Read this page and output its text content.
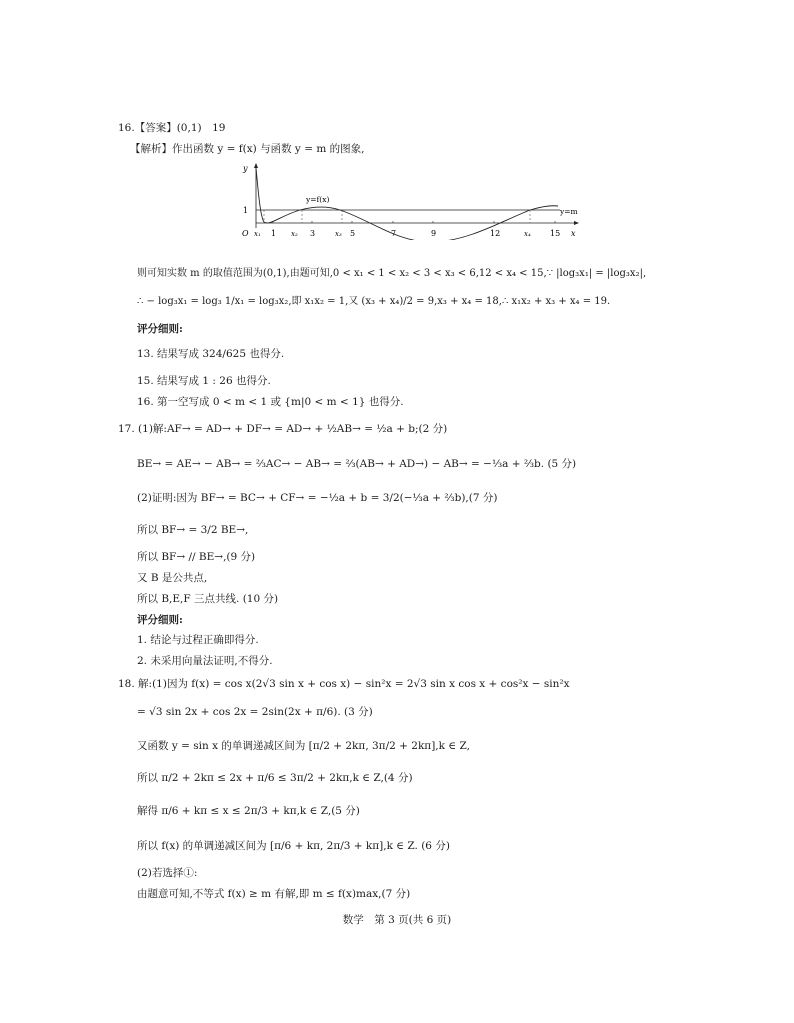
16.【答案】(0,1)　19
【解析】作出函数 y = f(x) 与函数 y = m 的图象,
y
1
O
y=f(x)
y=m
x
x₁ 1 x₂ 3	x₃ 5	7	9	12	x₄ 15
则可知实数 m 的取值范围为(0,1),由题可知,0 < x₁ < 1 < x₂ < 3 < x₃ < 6,12 < x₄ < 15,∵ |log₃x₁| = |log₃x₂|,
∴ − log₃x₁ = log₃ 1/x₁ = log₃x₂,即 x₁x₂ = 1,又 (x₃ + x₄)/2 = 9,x₃ + x₄ = 18,∴ x₁x₂ + x₃ + x₄ = 19.
评分细则:
13. 结果写成 324/625 也得分.
15. 结果写成 1 : 26 也得分.
16. 第一空写成 0 < m < 1 或 {m|0 < m < 1} 也得分.
17. (1)解:AF→ = AD→ + DF→ = AD→ + ½AB→ = ½a + b;(2 分)
BE→ = AE→ − AB→ = ⅔AC→ − AB→ = ⅔(AB→ + AD→) − AB→ = −⅓a + ⅔b. (5 分)
(2)证明:因为 BF→ = BC→ + CF→ = −½a + b = 3/2(−⅓a + ⅔b),(7 分)
所以 BF→ = 3/2 BE→,
所以 BF→ // BE→,(9 分)
又 B 是公共点,
所以 B,E,F 三点共线. (10 分)
评分细则:
1. 结论与过程正确即得分.
2. 未采用向量法证明,不得分.
18. 解:(1)因为 f(x) = cos x(2√3 sin x + cos x) − sin²x = 2√3 sin x cos x + cos²x − sin²x
= √3 sin 2x + cos 2x = 2sin(2x + π/6). (3 分)
又函数 y = sin x 的单调递减区间为 [π/2 + 2kπ, 3π/2 + 2kπ],k ∈ Z,
所以 π/2 + 2kπ ≤ 2x + π/6 ≤ 3π/2 + 2kπ,k ∈ Z,(4 分)
解得 π/6 + kπ ≤ x ≤ 2π/3 + kπ,k ∈ Z,(5 分)
所以 f(x) 的单调递减区间为 [π/6 + kπ, 2π/3 + kπ],k ∈ Z. (6 分)
(2)若选择①:
由题意可知,不等式 f(x) ≥ m 有解,即 m ≤ f(x)max,(7 分)
数学　第 3 页(共 6 页)
